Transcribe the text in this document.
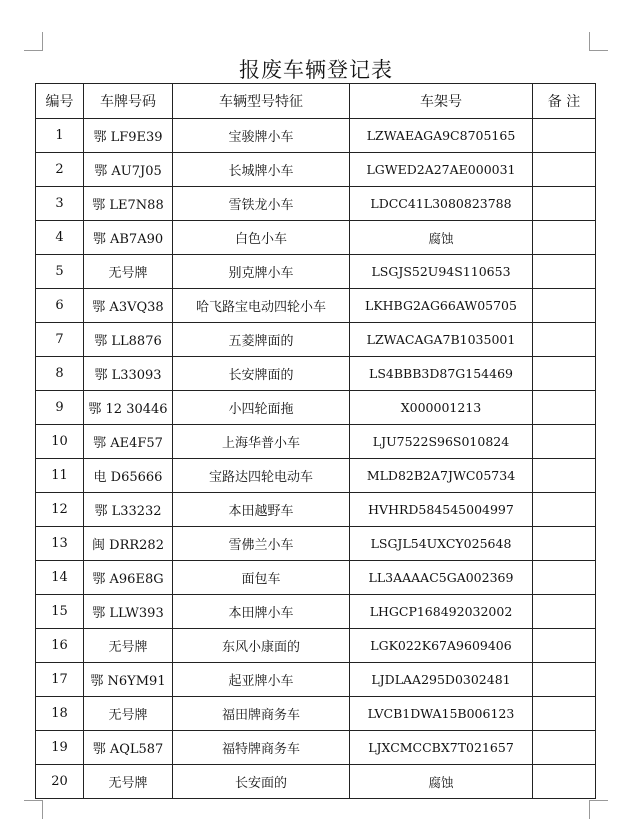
报废车辆登记表
编号	车牌号码	车辆型号特征	车架号	备 注
1	鄂 LF9E39	宝骏牌小车	LZWAEAGA9C8705165	
2	鄂 AU7J05	长城牌小车	LGWED2A27AE000031	
3	鄂 LE7N88	雪铁龙小车	LDCC41L3080823788	
4	鄂 AB7A90	白色小车	腐蚀	
5	无号牌	别克牌小车	LSGJS52U94S110653	
6	鄂 A3VQ38	哈飞路宝电动四轮小车	LKHBG2AG66AW05705	
7	鄂 LL8876	五菱牌面的	LZWACAGA7B1035001	
8	鄂 L33093	长安牌面的	LS4BBB3D87G154469	
9	鄂 12 30446	小四轮面拖	X000001213	
10	鄂 AE4F57	上海华普小车	LJU7522S96S010824	
11	电 D65666	宝路达四轮电动车	MLD82B2A7JWC05734	
12	鄂 L33232	本田越野车	HVHRD584545004997	
13	闽 DRR282	雪佛兰小车	LSGJL54UXCY025648	
14	鄂 A96E8G	面包车	LL3AAAAC5GA002369	
15	鄂 LLW393	本田牌小车	LHGCP168492032002	
16	无号牌	东风小康面的	LGK022K67A9609406	
17	鄂 N6YM91	起亚牌小车	LJDLAA295D0302481	
18	无号牌	福田牌商务车	LVCB1DWA15B006123	
19	鄂 AQL587	福特牌商务车	LJXCMCCBX7T021657	
20	无号牌	长安面的	腐蚀	
